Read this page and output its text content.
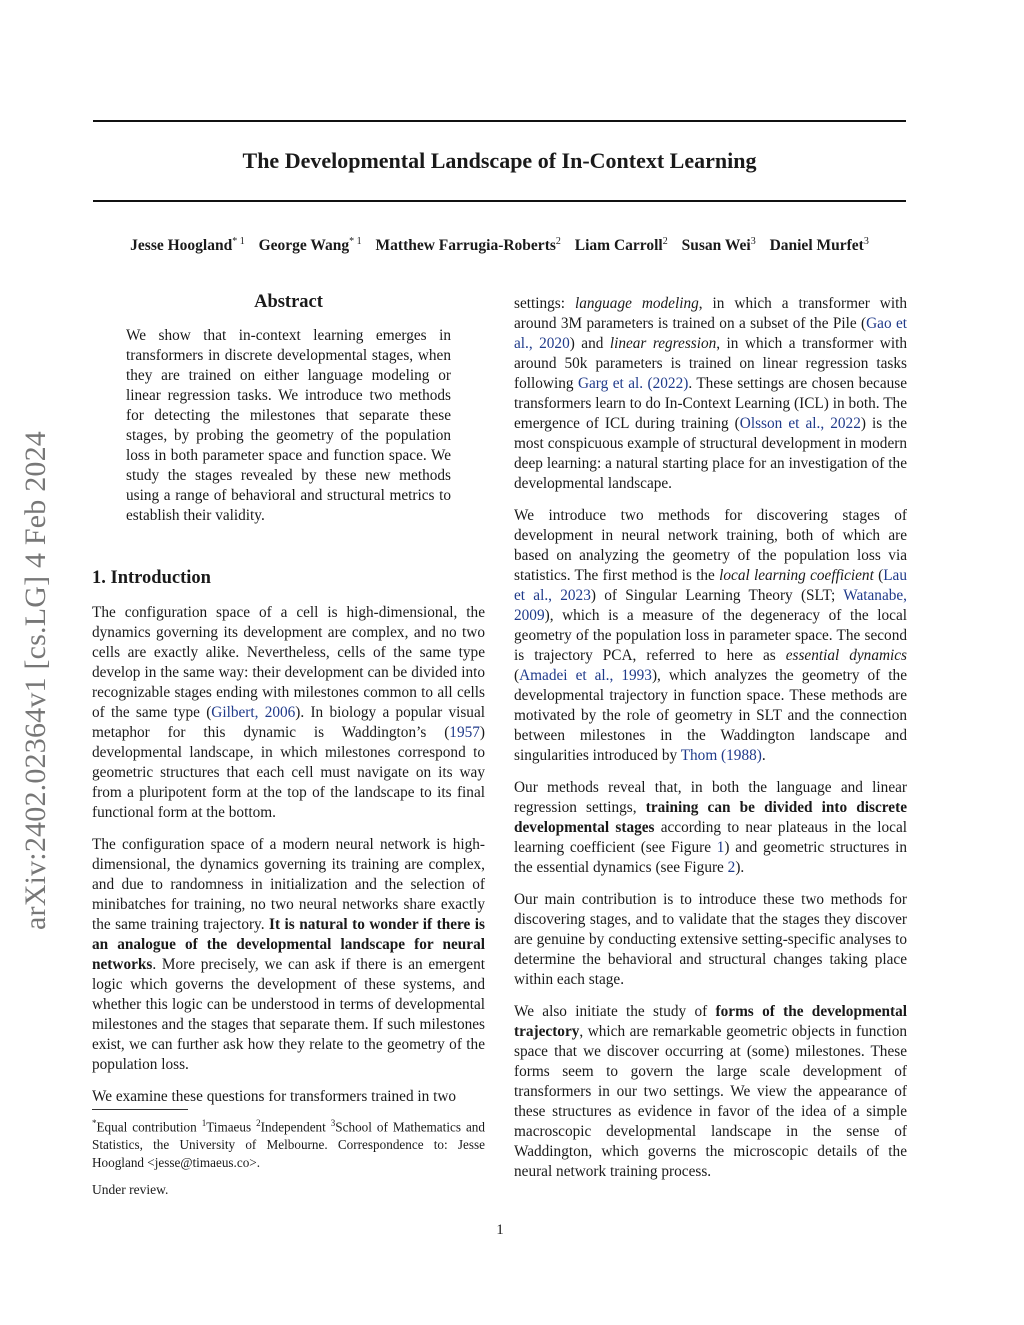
arXiv:2402.02364v1 [cs.LG] 4 Feb 2024
The Developmental Landscape of In-Context Learning
Jesse Hoogland$^{* 1}$ George Wang$^{* 1}$ Matthew Farrugia-Roberts$^2$ Liam Carroll$^2$ Susan Wei$^3$ Daniel Murfet$^3$
Abstract
We show that in-context learning emerges in transformers in discrete developmental stages, when they are trained on either language modeling or linear regression tasks. We introduce two methods for detecting the milestones that separate these stages, by probing the geometry of the population loss in both parameter space and function space. We study the stages revealed by these new methods using a range of behavioral and structural metrics to establish their validity.
1. Introduction

The configuration space of a cell is high-dimensional, the dynamics governing its development are complex, and no two cells are exactly alike. Nevertheless, cells of the same type develop in the same way: their development can be divided into recognizable stages ending with milestones common to all cells of the same type (Gilbert, 2006). In biology a popular visual metaphor for this dynamic is Waddington’s (1957) developmental landscape, in which milestones correspond to geometric structures that each cell must navigate on its way from a pluripotent form at the top of the landscape to its final functional form at the bottom.

The configuration space of a modern neural network is high-dimensional, the dynamics governing its training are complex, and due to randomness in initialization and the selection of minibatches for training, no two neural networks share exactly the same training trajectory. It is natural to wonder if there is an analogue of the developmental landscape for neural networks. More precisely, we can ask if there is an emergent logic which governs the development of these systems, and whether this logic can be understood in terms of developmental milestones and the stages that separate them. If such milestones exist, we can further ask how they relate to the geometry of the population loss.

We examine these questions for transformers trained in two

*Equal contribution $^1$Timaeus $^2$Independent $^3$School of Mathematics and Statistics, the University of Melbourne. Correspondence to: Jesse Hoogland <jesse@timaeus.co>.
Under review.

settings: language modeling, in which a transformer with around 3M parameters is trained on a subset of the Pile (Gao et al., 2020) and linear regression, in which a transformer with around 50k parameters is trained on linear regression tasks following Garg et al. (2022). These settings are chosen because transformers learn to do In-Context Learning (ICL) in both. The emergence of ICL during training (Olsson et al., 2022) is the most conspicuous example of structural development in modern deep learning: a natural starting place for an investigation of the developmental landscape.

We introduce two methods for discovering stages of development in neural network training, both of which are based on analyzing the geometry of the population loss via statistics. The first method is the local learning coefficient (Lau et al., 2023) of Singular Learning Theory (SLT; Watanabe, 2009), which is a measure of the degeneracy of the local geometry of the population loss in parameter space. The second is trajectory PCA, referred to here as essential dynamics (Amadei et al., 1993), which analyzes the geometry of the developmental trajectory in function space. These methods are motivated by the role of geometry in SLT and the connection between milestones in the Waddington landscape and singularities introduced by Thom (1988).

Our methods reveal that, in both the language and linear regression settings, training can be divided into discrete developmental stages according to near plateaus in the local learning coefficient (see Figure 1) and geometric structures in the essential dynamics (see Figure 2).

Our main contribution is to introduce these two methods for discovering stages, and to validate that the stages they discover are genuine by conducting extensive setting-specific analyses to determine the behavioral and structural changes taking place within each stage.

We also initiate the study of forms of the developmental trajectory, which are remarkable geometric objects in function space that we discover occurring at (some) milestones. These forms seem to govern the large scale development of transformers in our two settings. We view the appearance of these structures as evidence in favor of the idea of a simple macroscopic developmental landscape in the sense of Waddington, which governs the microscopic details of the neural network training process.

1
